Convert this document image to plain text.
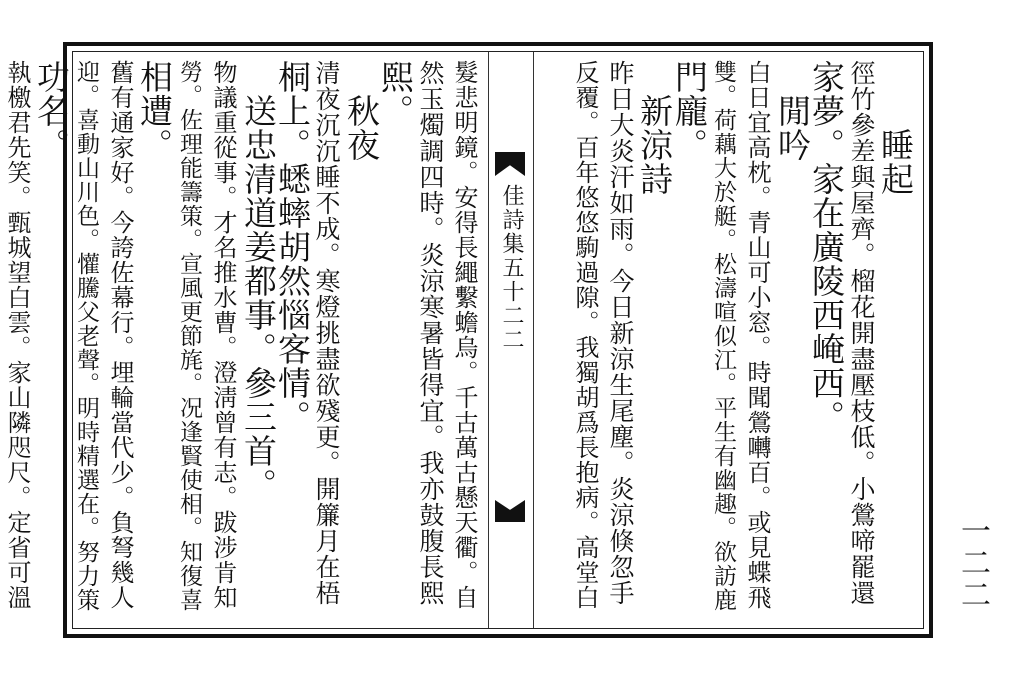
佳詩集五十二二
　　睡起
徑竹參差與屋齊。榴花開盡壓枝低。小鶯啼罷還
家夢。家在廣陵西崦西。
　閒吟
白日宜高枕。青山可小窓。時聞鶯囀百。或見蝶飛
雙。荷藕大於艇。松濤喧似江。平生有幽趣。欲訪鹿
門龐。
　新涼詩
昨日大炎汗如雨。今日新涼生尾塵。炎涼倏忽手
反覆。百年悠悠駒過隙。我獨胡爲長抱病。高堂白
髮悲明鏡。安得長繩繫蟾烏。千古萬古懸天衢。自
然玉燭調四時。炎涼寒暑皆得宜。我亦鼓腹長熙
熙。
　秋夜
清夜沉沉睡不成。寒燈挑盡欲殘更。開簾月在梧
桐上。蟋蟀胡然惱客情。
　送忠清道姜都事。參三首。
物議重從事。才名推水曹。澄淸曾有志。跋涉肯知
勞。佐理能籌策。宣風更節旄。况逢賢使相。知復喜
相遭。
舊有通家好。今誇佐幕行。埋輪當代少。負弩幾人
迎。喜動山川色。懽騰父老聲。明時精選在。努力策
功名。
執檄君先笑。甄城望白雲。家山隣咫尺。定省可溫	一二二
